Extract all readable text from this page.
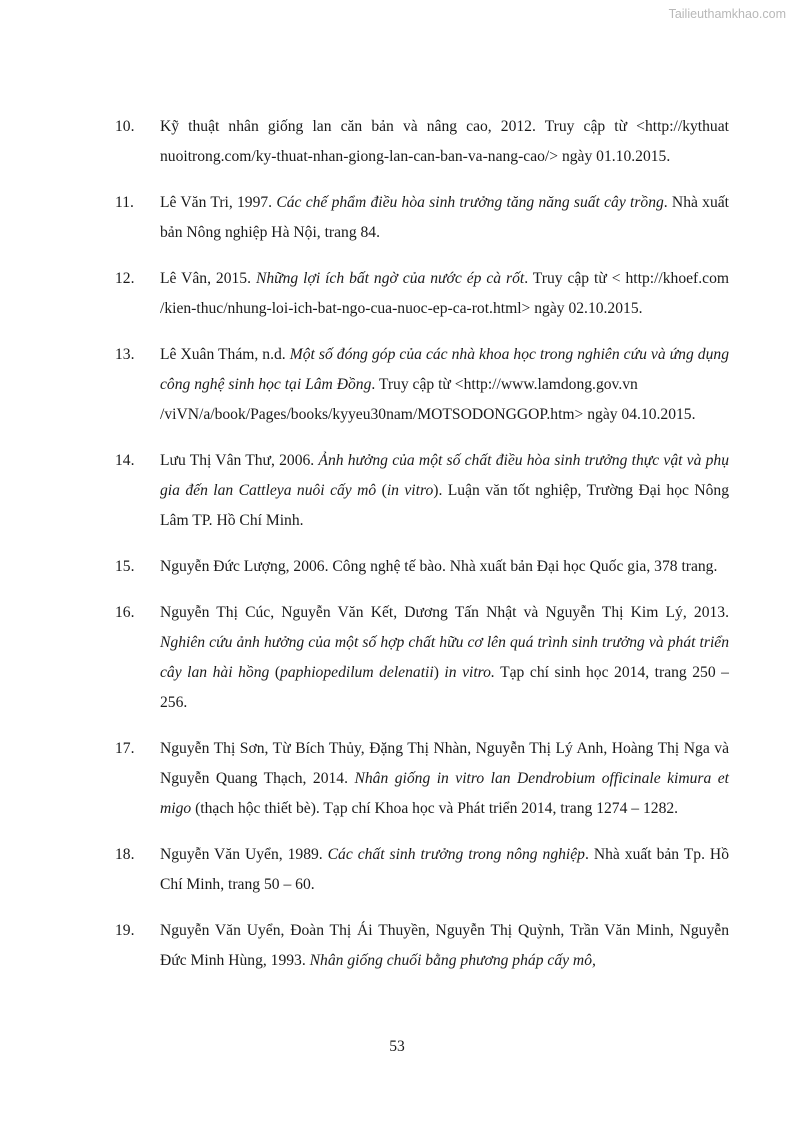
Tailieuthamkhao.com
10. Kỹ thuật nhân giống lan căn bản và nâng cao, 2012. Truy cập từ <http://kythuat
nuoitrong.com/ky-thuat-nhan-giong-lan-can-ban-va-nang-cao/> ngày 01.10.2015.
11. Lê Văn Tri, 1997. Các chế phẩm điều hòa sinh trưởng tăng năng suất cây trồng. Nhà xuất bản Nông nghiệp Hà Nội, trang 84.
12. Lê Vân, 2015. Những lợi ích bất ngờ của nước ép cà rốt. Truy cập từ < http://khoef.com
/kien-thuc/nhung-loi-ich-bat-ngo-cua-nuoc-ep-ca-rot.html> ngày 02.10.2015.
13. Lê Xuân Thám, n.d. Một số đóng góp của các nhà khoa học trong nghiên cứu và ứng dụng công nghệ sinh học tại Lâm Đồng. Truy cập từ <http://www.lamdong.gov.vn
/viVN/a/book/Pages/books/kyyeu30nam/MOTSODONGGOP.htm> ngày 04.10.2015.
14. Lưu Thị Vân Thư, 2006. Ảnh hưởng của một số chất điều hòa sinh trưởng thực vật và phụ gia đến lan Cattleya nuôi cấy mô (in vitro). Luận văn tốt nghiệp, Trường Đại học Nông Lâm TP. Hồ Chí Minh.
15. Nguyễn Đức Lượng, 2006. Công nghệ tế bào. Nhà xuất bản Đại học Quốc gia, 378 trang.
16. Nguyễn Thị Cúc, Nguyễn Văn Kết, Dương Tấn Nhật và Nguyễn Thị Kim Lý, 2013. Nghiên cứu ảnh hưởng của một số hợp chất hữu cơ lên quá trình sinh trưởng và phát triển cây lan hài hồng (paphiopedilum delenatii) in vitro. Tạp chí sinh học 2014, trang 250 – 256.
17. Nguyễn Thị Sơn, Từ Bích Thủy, Đặng Thị Nhàn, Nguyễn Thị Lý Anh, Hoàng Thị Nga và Nguyễn Quang Thạch, 2014. Nhân giống in vitro lan Dendrobium officinale kimura et migo (thạch hộc thiết bè). Tạp chí Khoa học và Phát triển 2014, trang 1274 – 1282.
18. Nguyễn Văn Uyển, 1989. Các chất sinh trưởng trong nông nghiệp. Nhà xuất bản Tp. Hồ Chí Minh, trang 50 – 60.
19. Nguyễn Văn Uyển, Đoàn Thị Ái Thuyền, Nguyễn Thị Quỳnh, Trần Văn Minh, Nguyễn Đức Minh Hùng, 1993. Nhân giống chuối bằng phương pháp cấy mô,
53
